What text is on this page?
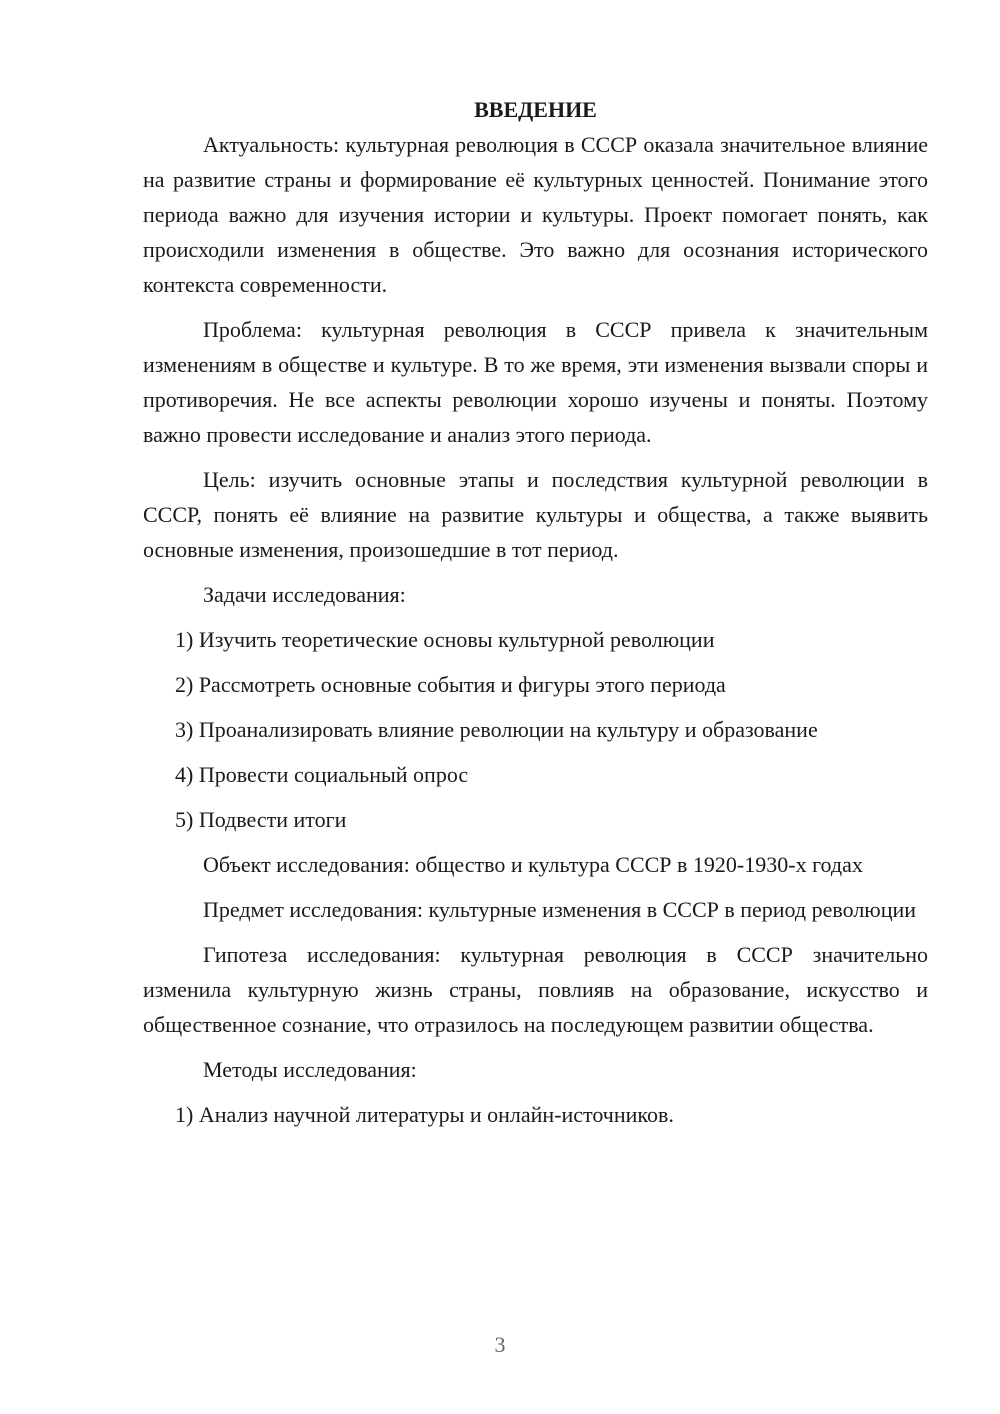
ВВЕДЕНИЕ

Актуальность: культурная революция в СССР оказала значительное влияние на развитие страны и формирование её культурных ценностей. Понимание этого периода важно для изучения истории и культуры. Проект помогает понять, как происходили изменения в обществе. Это важно для осознания исторического контекста современности.

Проблема: культурная революция в СССР привела к значительным изменениям в обществе и культуре. В то же время, эти изменения вызвали споры и противоречия. Не все аспекты революции хорошо изучены и поняты. Поэтому важно провести исследование и анализ этого периода.

Цель: изучить основные этапы и последствия культурной революции в СССР, понять её влияние на развитие культуры и общества, а также выявить основные изменения, произошедшие в тот период.

Задачи исследования:

1) Изучить теоретические основы культурной революции
2) Рассмотреть основные события и фигуры этого периода
3) Проанализировать влияние революции на культуру и образование
4) Провести социальный опрос
5) Подвести итоги

Объект исследования: общество и культура СССР в 1920-1930-х годах

Предмет исследования: культурные изменения в СССР в период революции

Гипотеза исследования: культурная революция в СССР значительно изменила культурную жизнь страны, повлияв на образование, искусство и общественное сознание, что отразилось на последующем развитии общества.

Методы исследования:

1) Анализ научной литературы и онлайн-источников.
3
